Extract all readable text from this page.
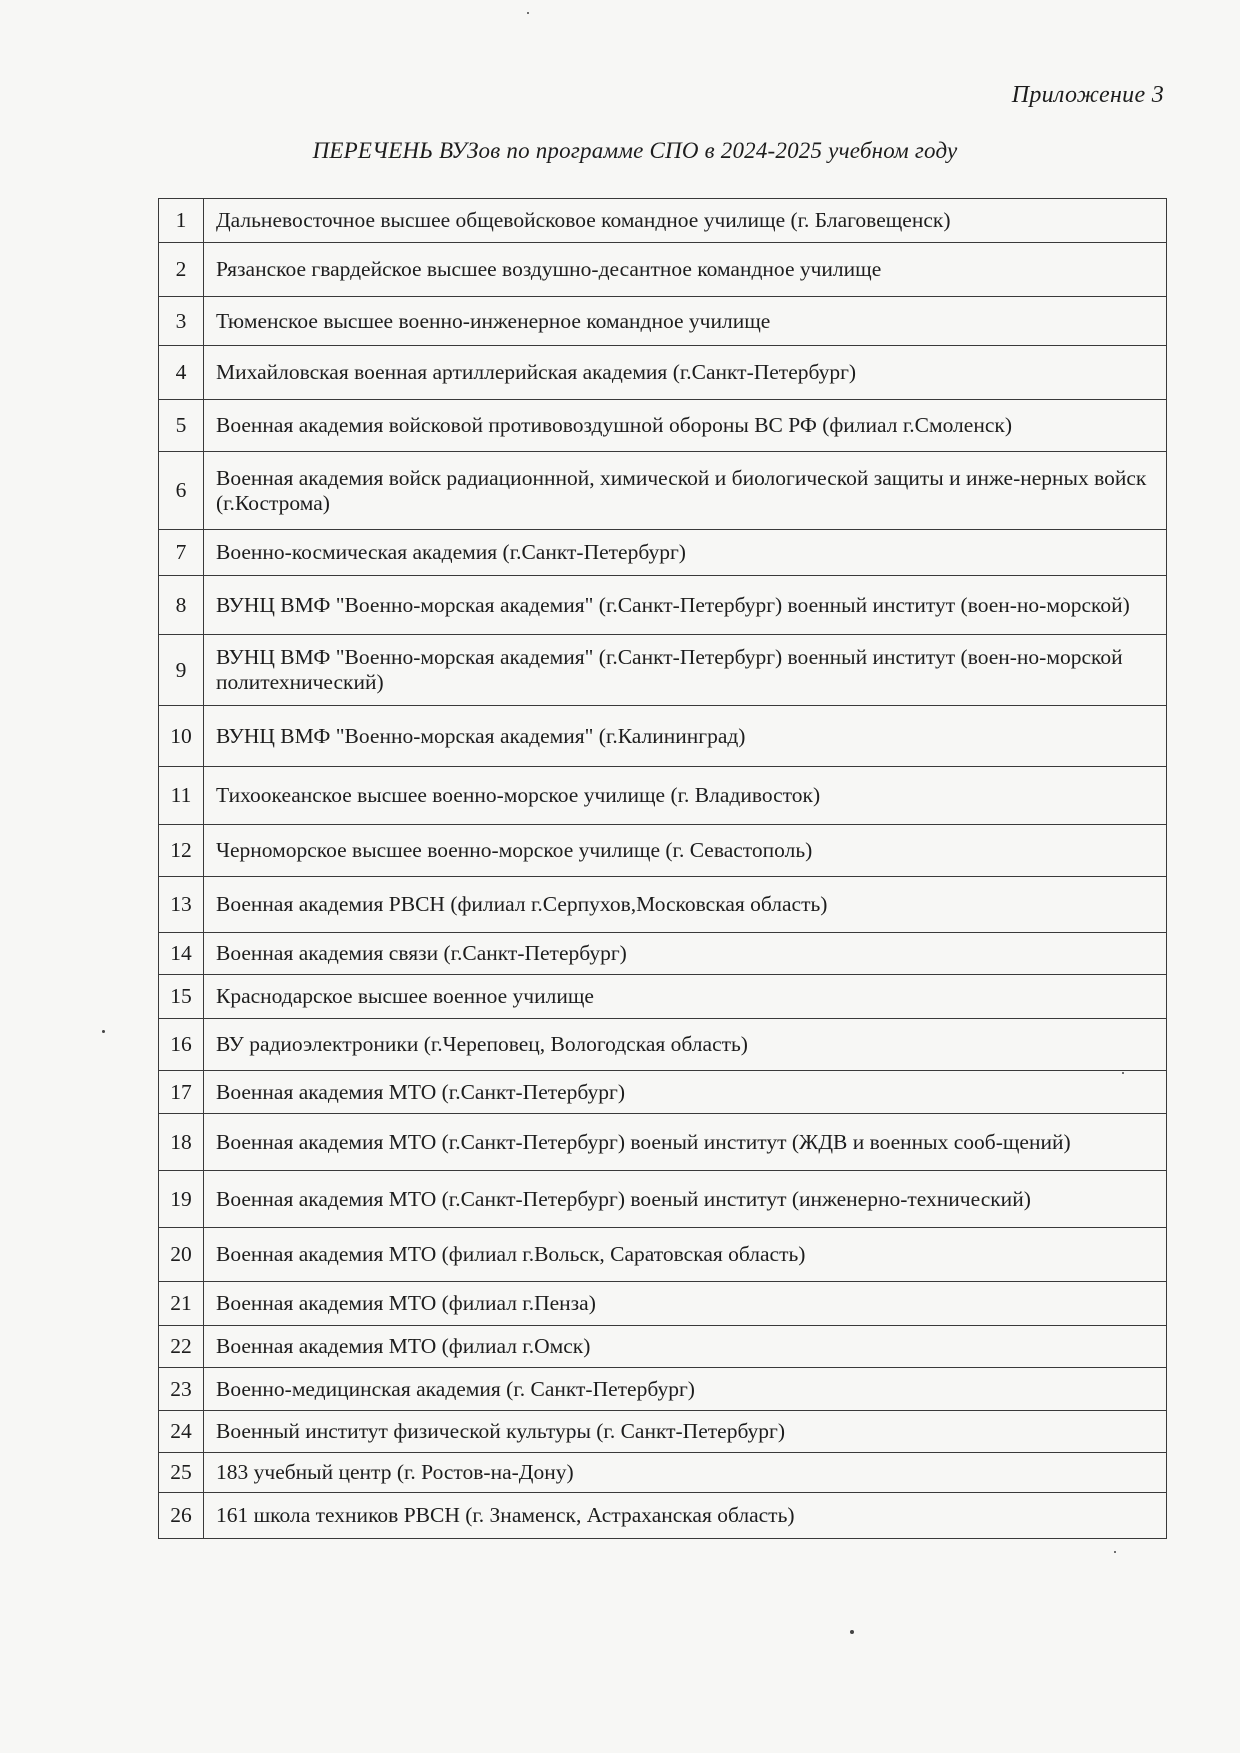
Приложение 3
ПЕРЕЧЕНЬ ВУЗов по программе СПО в 2024-2025 учебном году
1	Дальневосточное высшее общевойсковое командное училище (г. Благовещенск)
2	Рязанское гвардейское высшее воздушно-десантное командное училище
3	Тюменское высшее военно-инженерное командное училище
4	Михайловская военная артиллерийская академия (г.Санкт-Петербург)
5	Военная академия войсковой противовоздушной обороны ВС РФ (филиал г.Смоленск)
6	Военная академия войск радиационнной, химической и биологической защиты и инже-нерных войск (г.Кострома)
7	Военно-космическая академия (г.Санкт-Петербург)
8	ВУНЦ ВМФ "Военно-морская академия" (г.Санкт-Петербург) военный институт (воен-но-морской)
9	ВУНЦ ВМФ "Военно-морская академия" (г.Санкт-Петербург) военный институт (воен-но-морской политехнический)
10	ВУНЦ ВМФ "Военно-морская академия" (г.Калининград)
11	Тихоокеанское высшее военно-морское училище (г. Владивосток)
12	Черноморское высшее военно-морское училище (г. Севастополь)
13	Военная академия РВСН (филиал г.Серпухов,Московская область)
14	Военная академия связи (г.Санкт-Петербург)
15	Краснодарское высшее военное училище
16	ВУ радиоэлектроники (г.Череповец, Вологодская область)
17	Военная академия МТО (г.Санкт-Петербург)
18	Военная академия МТО (г.Санкт-Петербург) военый институт (ЖДВ и военных сооб-щений)
19	Военная академия МТО (г.Санкт-Петербург) военый институт (инженерно-технический)
20	Военная академия МТО (филиал г.Вольск, Саратовская область)
21	Военная академия МТО (филиал г.Пенза)
22	Военная академия МТО (филиал г.Омск)
23	Военно-медицинская академия (г. Санкт-Петербург)
24	Военный институт физической культуры (г. Санкт-Петербург)
25	183 учебный центр (г. Ростов-на-Дону)
26	161 школа техников РВСН (г. Знаменск, Астраханская область)
